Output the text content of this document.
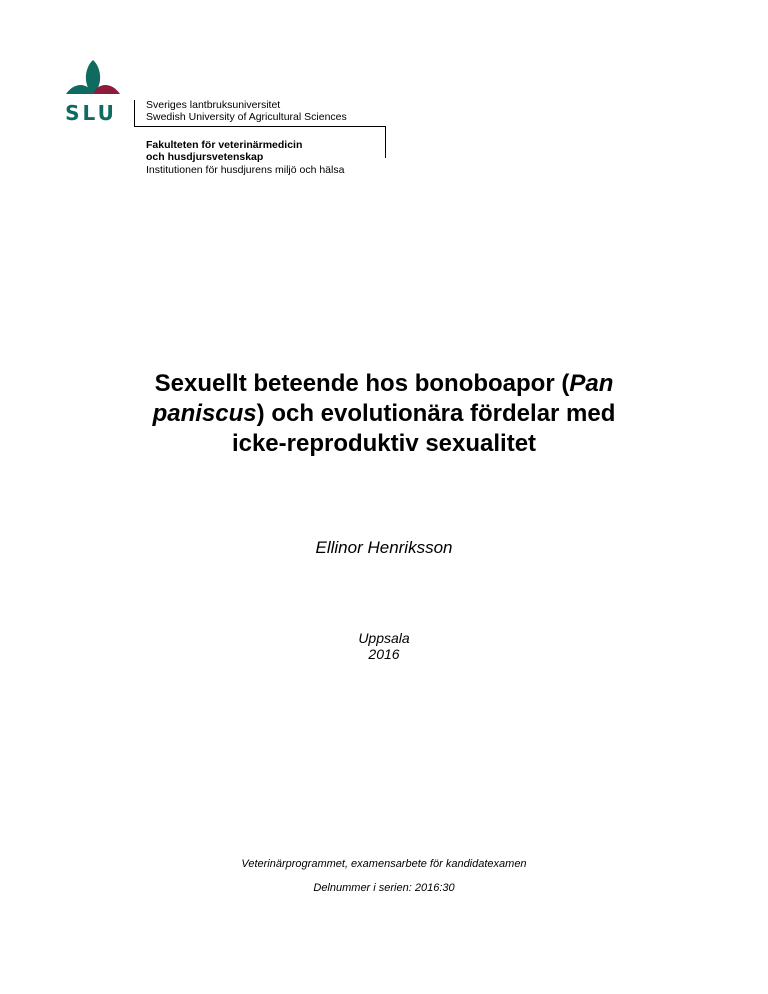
SLU	Sveriges lantbruksuniversitet
Swedish University of Agricultural Sciences
Fakulteten för veterinärmedicin
och husdjursvetenskap
Institutionen för husdjurens miljö och hälsa
Sexuellt beteende hos bonoboapor (Pan
paniscus) och evolutionära fördelar med
icke-reproduktiv sexualitet
Ellinor Henriksson
Uppsala
2016
Veterinärprogrammet, examensarbete för kandidatexamen
Delnummer i serien: 2016:30
